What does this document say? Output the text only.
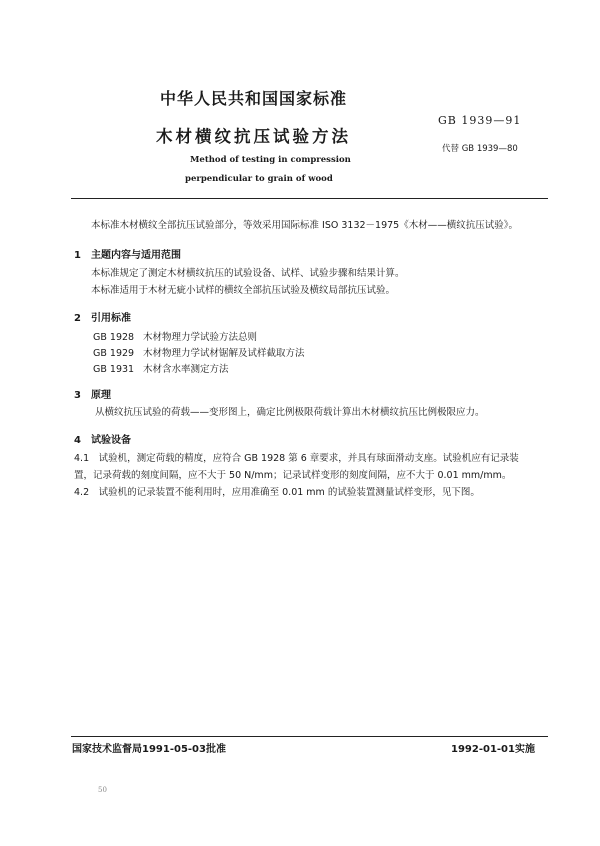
中华人民共和国国家标准
GB 1939—91
木材横纹抗压试验方法
代替 GB 1939—80
Method of testing in compression
perpendicular to grain of wood
本标准木材横纹全部抗压试验部分，等效采用国际标准 ISO 3132－1975《木材——横纹抗压试验》。
1　主题内容与适用范围
本标准规定了测定木材横纹抗压的试验设备、试样、试验步骤和结果计算。
本标准适用于木材无疵小试样的横纹全部抗压试验及横纹局部抗压试验。
2　引用标准
GB 1928 木材物理力学试验方法总则
GB 1929 木材物理力学试材锯解及试样截取方法
GB 1931 木材含水率测定方法
3　原理
从横纹抗压试验的荷载——变形图上，确定比例极限荷载计算出木材横纹抗压比例极限应力。
4　试验设备
4.1　试验机，测定荷载的精度，应符合 GB 1928 第 6 章要求，并具有球面滑动支座。试验机应有记录装
置，记录荷载的刻度间隔，应不大于 50 N/mm；记录试样变形的刻度间隔，应不大于 0.01 mm/mm。
4.2　试验机的记录装置不能利用时，应用准确至 0.01 mm 的试验装置测量试样变形，见下图。
国家技术监督局1991-05-03批准	1992-01-01实施
50
